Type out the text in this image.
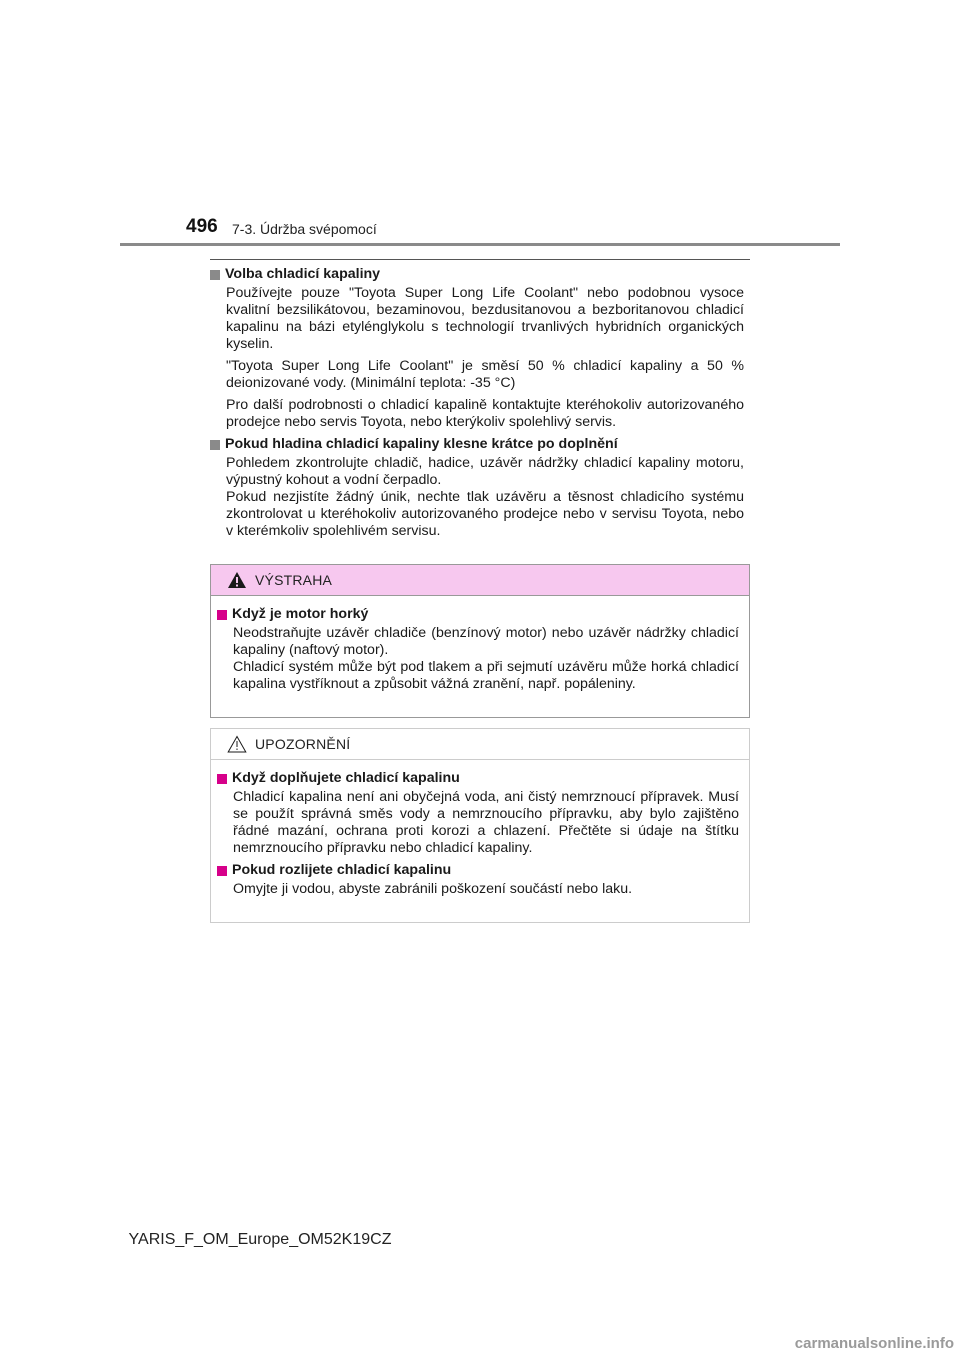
496 7-3. Údržba svépomocí
Volba chladicí kapaliny
Používejte pouze "Toyota Super Long Life Coolant" nebo podobnou vysoce kvalitní bezsilikátovou, bezaminovou, bezdusitanovou a bezboritanovou chladicí kapalinu na bázi etylénglykolu s technologií trvanlivých hybridních organických kyselin.
"Toyota Super Long Life Coolant" je směsí 50 % chladicí kapaliny a 50 % deionizované vody. (Minimální teplota: -35 °C)
Pro další podrobnosti o chladicí kapalině kontaktujte kteréhokoliv autorizovaného prodejce nebo servis Toyota, nebo kterýkoliv spolehlivý servis.
Pokud hladina chladicí kapaliny klesne krátce po doplnění
Pohledem zkontrolujte chladič, hadice, uzávěr nádržky chladicí kapaliny motoru, výpustný kohout a vodní čerpadlo.
Pokud nezjistíte žádný únik, nechte tlak uzávěru a těsnost chladicího systému zkontrolovat u kteréhokoliv autorizovaného prodejce nebo v servisu Toyota, nebo v kterémkoliv spolehlivém servisu.
VÝSTRAHA
Když je motor horký
Neodstraňujte uzávěr chladiče (benzínový motor) nebo uzávěr nádržky chladicí kapaliny (naftový motor).
Chladicí systém může být pod tlakem a při sejmutí uzávěru může horká chladicí kapalina vystříknout a způsobit vážná zranění, např. popáleniny.
UPOZORNĚNÍ
Když doplňujete chladicí kapalinu
Chladicí kapalina není ani obyčejná voda, ani čistý nemrznoucí přípravek. Musí se použít správná směs vody a nemrznoucího přípravku, aby bylo zajištěno řádné mazání, ochrana proti korozi a chlazení. Přečtěte si údaje na štítku nemrznoucího přípravku nebo chladicí kapaliny.
Pokud rozlijete chladicí kapalinu
Omyjte ji vodou, abyste zabránili poškození součástí nebo laku.
YARIS_F_OM_Europe_OM52K19CZ
carmanualsonline.info
